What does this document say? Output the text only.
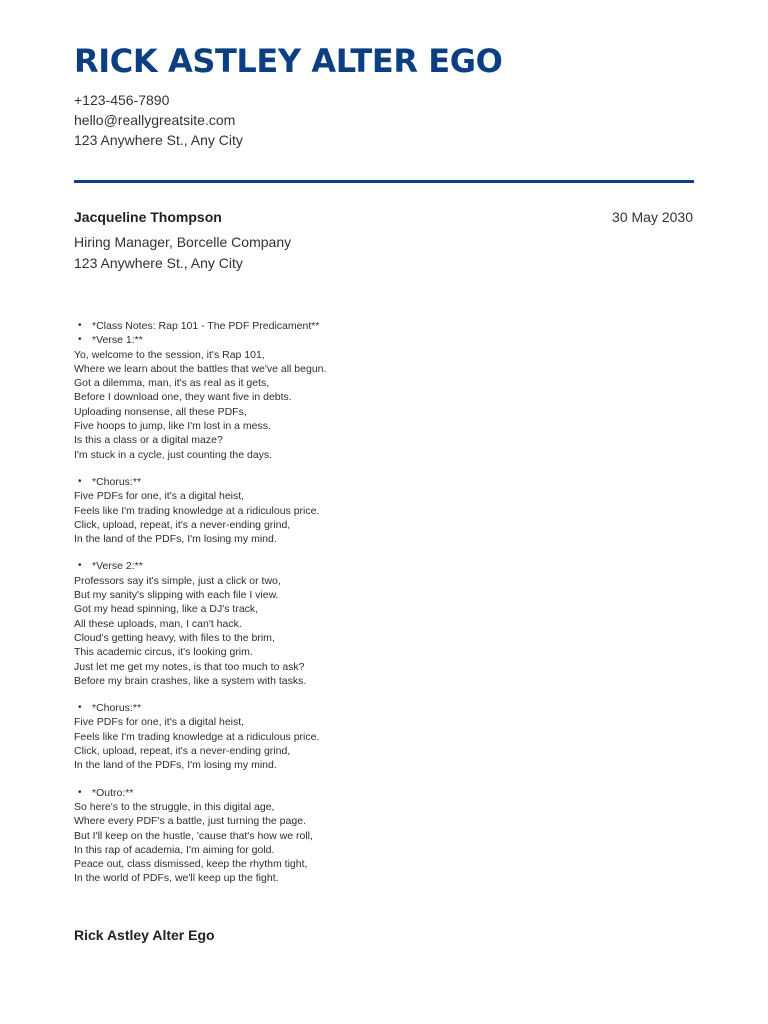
RICK ASTLEY ALTER EGO
+123-456-7890
hello@reallygreatsite.com
123 Anywhere St., Any City
Jacqueline Thompson	30 May 2030
Hiring Manager, Borcelle Company
123 Anywhere St., Any City
• *Class Notes: Rap 101 - The PDF Predicament**
• *Verse 1:**
Yo, welcome to the session, it's Rap 101,
Where we learn about the battles that we've all begun.
Got a dilemma, man, it's as real as it gets,
Before I download one, they want five in debts.
Uploading nonsense, all these PDFs,
Five hoops to jump, like I'm lost in a mess.
Is this a class or a digital maze?
I'm stuck in a cycle, just counting the days.
• *Chorus:**
Five PDFs for one, it's a digital heist,
Feels like I'm trading knowledge at a ridiculous price.
Click, upload, repeat, it's a never-ending grind,
In the land of the PDFs, I'm losing my mind.
• *Verse 2:**
Professors say it's simple, just a click or two,
But my sanity's slipping with each file I view.
Got my head spinning, like a DJ's track,
All these uploads, man, I can't hack.
Cloud's getting heavy, with files to the brim,
This academic circus, it's looking grim.
Just let me get my notes, is that too much to ask?
Before my brain crashes, like a system with tasks.
• *Chorus:**
Five PDFs for one, it's a digital heist,
Feels like I'm trading knowledge at a ridiculous price.
Click, upload, repeat, it's a never-ending grind,
In the land of the PDFs, I'm losing my mind.
• *Outro:**
So here's to the struggle, in this digital age,
Where every PDF's a battle, just turning the page.
But I'll keep on the hustle, 'cause that's how we roll,
In this rap of academia, I'm aiming for gold.
Peace out, class dismissed, keep the rhythm tight,
In the world of PDFs, we'll keep up the fight.
Rick Astley Alter Ego
